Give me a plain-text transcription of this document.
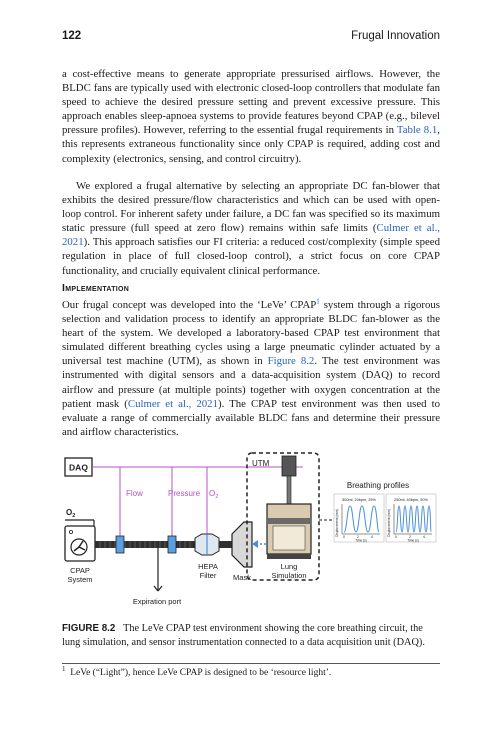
122	Frugal Innovation
a cost-effective means to generate appropriate pressurised airflows. However, the BLDC fans are typically used with electronic closed-loop controllers that modulate fan speed to achieve the desired pressure setting and prevent excessive pressure. This approach enables sleep-apnoea systems to provide features beyond CPAP (e.g., bilevel pressure profiles). However, referring to the essential frugal requirements in Table 8.1, this represents extraneous functionality since only CPAP is required, adding cost and complexity (electronics, sensing, and control circuitry).
We explored a frugal alternative by selecting an appropriate DC fan-blower that exhibits the desired pressure/flow characteristics and which can be used with open-loop control. For inherent safety under failure, a DC fan was specified so its maximum static pressure (full speed at zero flow) remains within safe limits (Culmer et al., 2021). This approach satisfies our FI criteria: a reduced cost/complexity (simple speed regulation in place of full closed-loop control), a strict focus on core CPAP functionality, and crucially equivalent clinical performance.
Implementation
Our frugal concept was developed into the ‘LeVe’ CPAP$^1$ system through a rigorous selection and validation process to identify an appropriate BLDC fan-blower as the heart of the system. We developed a laboratory-based CPAP test environment that simulated different breathing cycles using a large pneumatic cylinder actuated by a universal test machine (UTM), as shown in Figure 8.2. The test environment was instrumented with digital sensors and a data-acquisition system (DAQ) to record airflow and pressure (at multiple points) together with oxygen concentration at the patient mask (Culmer et al., 2021). The CPAP test environment was then used to evaluate a range of commercially available BLDC fans and determine their pressure and airflow characteristics.
DAQ
Flow	Pressure $O_2$
$O_2$
CPAP
System
HEPA
Filter
Expiration port
Mask
UTM
Lung
Simulation
Breathing profiles
500ml, 20bpm, 25%
Displacement (mm)
0	2	4
Time (s)
250ml, 40bpm, 50%
Displacement (mm)
0	2	4
Time (s)
FIGURE 8.2 The LeVe CPAP test environment showing the core breathing circuit, the lung simulation, and sensor instrumentation connected to a data acquisition unit (DAQ).
$^1$ LeVe (“Light”), hence LeVe CPAP is designed to be ‘resource light’.
